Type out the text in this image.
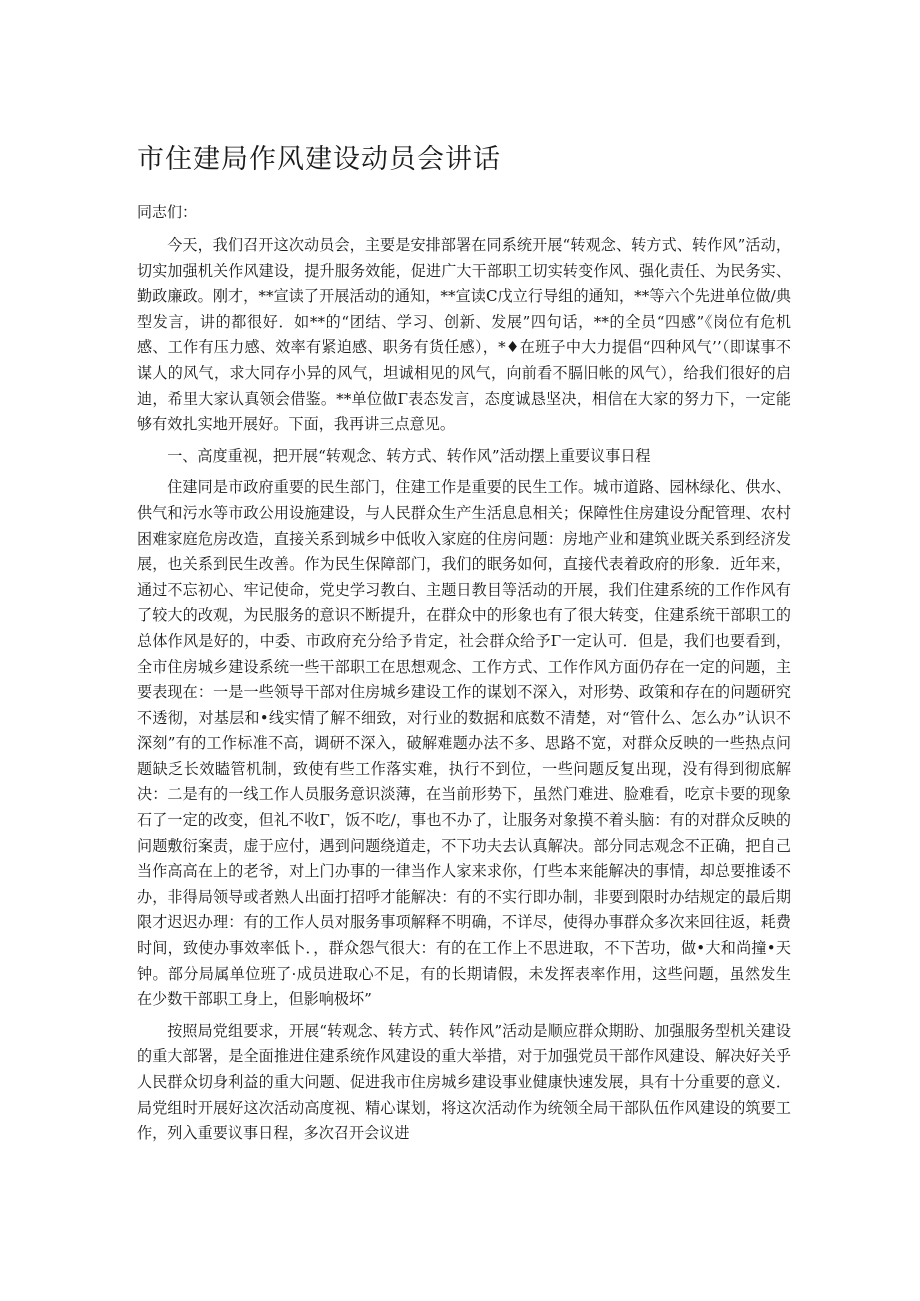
市住建局作风建设动员会讲话

同志们：

今天，我们召开这次动员会，主要是安排部署在同系统开展“转观念、转方式、转作风”活动，切实加强机关作风建设，提升服务效能，促进广大干部职工切实转变作风、强化责任、为民务实、勤政廉政。刚才，**宣读了开展活动的通知，**宣读C戊立行导组的通知，**等六个先进单位做/典型发言，讲的都很好．如**的“团结、学习、创新、发展”四句话，**的全员“四感”《岗位有危机感、工作有压力感、效率有紧迫感、职务有货任感），*♦在班子中大力提倡“四种风气’’（即谋事不谋人的风气，求大同存小异的风气，坦诚相见的风气，向前看不膈旧帐的风气），给我们很好的启迪，希里大家认真领会借鉴。**单位做Γ表态发言，态度诚恳坚决，相信在大家的努力下，一定能够有效扎实地开展好。下面，我再讲三点意见。

一、高度重视，把开展“转观念、转方式、转作风”活动摆上重要议事日程

住建同是市政府重要的民生部门，住建工作是重要的民生工作。城市道路、园林绿化、供水、供气和污水等市政公用设施建设，与人民群众生产生活息息相关；保障性住房建设分配管理、农村困难家庭危房改造，直接关系到城乡中低收入家庭的住房问题：房地产业和建筑业既关系到经济发展，也关系到民生改善。作为民生保障部门，我们的眠务如何，直接代表着政府的形象．近年来，通过不忘初心、牢记使命，党史学习教白、主题日教目等活动的开展，我们住建系统的工作作风有了较大的改观，为民服务的意识不断提升，在群众中的形象也有了很大转变，住建系统干部职工的总体作风是好的，中委、市政府充分给予肯定，社会群众给予Γ一定认可．但是，我们也要看到，全市住房城乡建设系统一些干部职工在思想观念、工作方式、工作作风方面仍存在一定的问题，主要表现在：一是一些领导干部对住房城乡建设工作的谋划不深入，对形势、政策和存在的问题研究不透彻，对基层和•线实情了解不细致，对行业的数据和底数不清楚，对“管什么、怎么办”认识不深刻”有的工作标准不高，调研不深入，破解难题办法不多、思路不宽，对群众反映的一些热点问题缺乏长效瞌管机制，致使有些工作落实难，执行不到位，一些问题反复出现，没有得到彻底解决：二是有的一线工作人员服务意识淡薄，在当前形势下，虽然门难进、脸难看，吃京卡要的现象石了一定的改变，但礼不收Γ，饭不吃/，事也不办了，让服务对象摸不着头脑：有的对群众反映的问题敷衍案责，虚于应付，遇到问题绕道走，不下功夫去认真解决。部分同志观念不正确，把自己当作高高在上的老爷，对上门办事的一律当作人家来求你，仃些本来能解决的事情，却总要推诿不办，非得局领导或者熟人出面打招呼才能解决：有的不实行即办制，非要到限时办结规定的最后期限才迟迟办理：有的工作人员对服务事项解释不明确，不详尽，使得办事群众多次来回往返，耗费时间，致使办事效率低卜．，群众怨气很大：有的在工作上不思进取，不下苦功，做•大和尚撞•天钟。部分局属单位班了·成员进取心不足，有的长期请假，未发挥表率作用，这些问题，虽然发生在少数干部职工身上，但影响极坏”

按照局党组要求，开展“转观念、转方式、转作风”活动是顺应群众期盼、加强服务型机关建设的重大部署，是全面推进住建系统作风建设的重大举措，对于加强党员干部作风建设、解决好关乎人民群众切身利益的重大问题、促进我市住房城乡建设事业健康快速发展，具有十分重要的意义．局党组时开展好这次活动高度视、精心谋划，将这次活动作为统领全局干部队伍作风建设的筑要工作，列入重要议事日程，多次召开会议进
